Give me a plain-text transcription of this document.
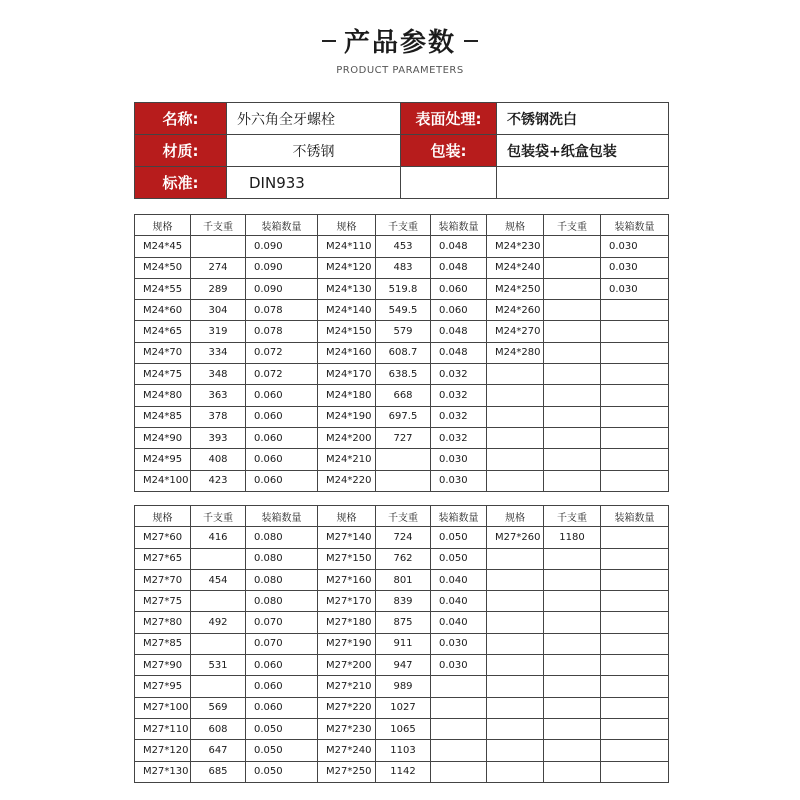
产品参数
PRODUCT PARAMETERS
名称:	外六角全牙螺栓	表面处理:	不锈钢洗白
材质:	不锈钢	包装:	包装袋+纸盒包装
标准:	DIN933		
规格	千支重	装箱数量	规格	千支重	装箱数量	规格	千支重	装箱数量
M24*45		0.090	M24*110	453	0.048	M24*230		0.030
M24*50	274	0.090	M24*120	483	0.048	M24*240		0.030
M24*55	289	0.090	M24*130	519.8	0.060	M24*250		0.030
M24*60	304	0.078	M24*140	549.5	0.060	M24*260		
M24*65	319	0.078	M24*150	579	0.048	M24*270		
M24*70	334	0.072	M24*160	608.7	0.048	M24*280		
M24*75	348	0.072	M24*170	638.5	0.032			
M24*80	363	0.060	M24*180	668	0.032			
M24*85	378	0.060	M24*190	697.5	0.032			
M24*90	393	0.060	M24*200	727	0.032			
M24*95	408	0.060	M24*210		0.030			
M24*100	423	0.060	M24*220		0.030			
规格	千支重	装箱数量	规格	千支重	装箱数量	规格	千支重	装箱数量
M27*60	416	0.080	M27*140	724	0.050	M27*260	1180	
M27*65		0.080	M27*150	762	0.050			
M27*70	454	0.080	M27*160	801	0.040			
M27*75		0.080	M27*170	839	0.040			
M27*80	492	0.070	M27*180	875	0.040			
M27*85		0.070	M27*190	911	0.030			
M27*90	531	0.060	M27*200	947	0.030			
M27*95		0.060	M27*210	989				
M27*100	569	0.060	M27*220	1027				
M27*110	608	0.050	M27*230	1065				
M27*120	647	0.050	M27*240	1103				
M27*130	685	0.050	M27*250	1142				
